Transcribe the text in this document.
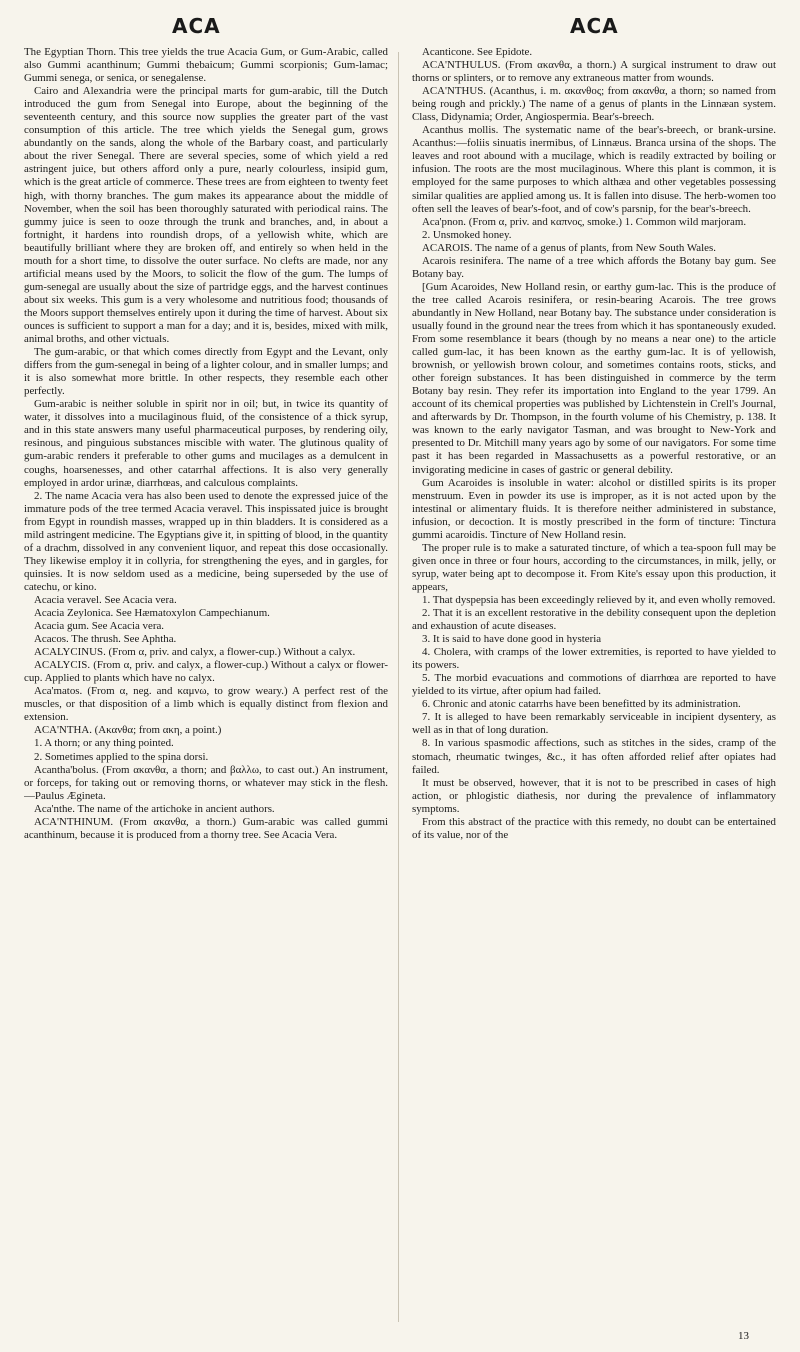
ACA	ACA

The Egyptian Thorn. This tree yields the true Acacia Gum, or Gum-Arabic, called also Gummi acanthinum; Gummi thebaicum; Gummi scorpionis; Gum-lamac; Gummi senega, or senica, or senegalense.

Cairo and Alexandria were the principal marts for gum-arabic, till the Dutch introduced the gum from Senegal into Europe, about the beginning of the seventeenth century, and this source now supplies the greater part of the vast consumption of this article. The tree which yields the Senegal gum, grows abundantly on the sands, along the whole of the Barbary coast, and particularly about the river Senegal. There are several species, some of which yield a red astringent juice, but others afford only a pure, nearly colourless, insipid gum, which is the great article of commerce. These trees are from eighteen to twenty feet high, with thorny branches. The gum makes its appearance about the middle of November, when the soil has been thoroughly saturated with periodical rains. The gummy juice is seen to ooze through the trunk and branches, and, in about a fortnight, it hardens into roundish drops, of a yellowish white, which are beautifully brilliant where they are broken off, and entirely so when held in the mouth for a short time, to dissolve the outer surface. No clefts are made, nor any artificial means used by the Moors, to solicit the flow of the gum. The lumps of gum-senegal are usually about the size of partridge eggs, and the harvest continues about six weeks. This gum is a very wholesome and nutritious food; thousands of the Moors support themselves entirely upon it during the time of harvest. About six ounces is sufficient to support a man for a day; and it is, besides, mixed with milk, animal broths, and other victuals.

The gum-arabic, or that which comes directly from Egypt and the Levant, only differs from the gum-senegal in being of a lighter colour, and in smaller lumps; and it is also somewhat more brittle. In other respects, they resemble each other perfectly.

Gum-arabic is neither soluble in spirit nor in oil; but, in twice its quantity of water, it dissolves into a mucilaginous fluid, of the consistence of a thick syrup, and in this state answers many useful pharmaceutical purposes, by rendering oily, resinous, and pinguious substances miscible with water. The glutinous quality of gum-arabic renders it preferable to other gums and mucilages as a demulcent in coughs, hoarsenesses, and other catarrhal affections. It is also very generally employed in ardor urinæ, diarrhœas, and calculous complaints.

2. The name Acacia vera has also been used to denote the expressed juice of the immature pods of the tree termed Acacia veravel. This inspissated juice is brought from Egypt in roundish masses, wrapped up in thin bladders. It is considered as a mild astringent medicine. The Egyptians give it, in spitting of blood, in the quantity of a drachm, dissolved in any convenient liquor, and repeat this dose occasionally. They likewise employ it in collyria, for strengthening the eyes, and in gargles, for quinsies. It is now seldom used as a medicine, being superseded by the use of catechu, or kino.

Acacia veravel. See Acacia vera.

Acacia Zeylonica. See Hæmatoxylon Campechianum.

Acacia gum. See Acacia vera.

Acacos. The thrush. See Aphtha.

ACALYCINUS. (From α, priv. and calyx, a flower-cup.) Without a calyx.

ACALYCIS. (From α, priv. and calyx, a flower-cup.) Without a calyx or flower-cup. Applied to plants which have no calyx.

Aca'matos. (From α, neg. and καμνω, to grow weary.) A perfect rest of the muscles, or that disposition of a limb which is equally distinct from flexion and extension.

ACA'NTHA. (Ακανθα; from ακη, a point.)

1. A thorn; or any thing pointed.

2. Sometimes applied to the spina dorsi.

Acantha'bolus. (From ακανθα, a thorn; and βαλλω, to cast out.) An instrument, or forceps, for taking out or removing thorns, or whatever may stick in the flesh. —Paulus Ægineta.

Aca'nthe. The name of the artichoke in ancient authors.

ACA'NTHINUM. (From ακανθα, a thorn.) Gum-arabic was called gummi acanthinum, because it is produced from a thorny tree. See Acacia Vera.

Acanticone. See Epidote.

ACA'NTHULUS. (From ακανθα, a thorn.) A surgical instrument to draw out thorns or splinters, or to remove any extraneous matter from wounds.

ACA'NTHUS. (Acanthus, i. m. ακανθος; from ακανθα, a thorn; so named from being rough and prickly.) The name of a genus of plants in the Linnæan system. Class, Didynamia; Order, Angiospermia. Bear's-breech.

Acanthus mollis. The systematic name of the bear's-breech, or brank-ursine. Acanthus:—foliis sinuatis inermibus, of Linnæus. Branca ursina of the shops. The leaves and root abound with a mucilage, which is readily extracted by boiling or infusion. The roots are the most mucilaginous. Where this plant is common, it is employed for the same purposes to which althæa and other vegetables possessing similar qualities are applied among us. It is fallen into disuse. The herb-women too often sell the leaves of bear's-foot, and of cow's parsnip, for the bear's-breech.

Aca'pnon. (From α, priv. and καπνος, smoke.) 1. Common wild marjoram.

2. Unsmoked honey.

ACAROIS. The name of a genus of plants, from New South Wales.

Acarois resinifera. The name of a tree which affords the Botany bay gum. See Botany bay.

[Gum Acaroides, New Holland resin, or earthy gum-lac. This is the produce of the tree called Acarois resinifera, or resin-bearing Acarois. The tree grows abundantly in New Holland, near Botany bay. The substance under consideration is usually found in the ground near the trees from which it has spontaneously exuded. From some resemblance it bears (though by no means a near one) to the article called gum-lac, it has been known as the earthy gum-lac. It is of yellowish, brownish, or yellowish brown colour, and sometimes contains roots, sticks, and other foreign substances. It has been distinguished in commerce by the term Botany bay resin. They refer its importation into England to the year 1799. An account of its chemical properties was published by Lichtenstein in Crell's Journal, and afterwards by Dr. Thompson, in the fourth volume of his Chemistry, p. 138. It was known to the early navigator Tasman, and was brought to New-York and presented to Dr. Mitchill many years ago by some of our navigators. For some time past it has been regarded in Massachusetts as a powerful restorative, or an invigorating medicine in cases of gastric or general debility.

Gum Acaroides is insoluble in water: alcohol or distilled spirits is its proper menstruum. Even in powder its use is improper, as it is not acted upon by the intestinal or alimentary fluids. It is therefore neither administered in substance, infusion, or decoction. It is mostly prescribed in the form of tincture: Tinctura gummi acaroidis. Tincture of New Holland resin.

The proper rule is to make a saturated tincture, of which a tea-spoon full may be given once in three or four hours, according to the circumstances, in milk, jelly, or syrup, water being apt to decompose it. From Kite's essay upon this production, it appears,

1. That dyspepsia has been exceedingly relieved by it, and even wholly removed.

2. That it is an excellent restorative in the debility consequent upon the depletion and exhaustion of acute diseases.

3. It is said to have done good in hysteria

4. Cholera, with cramps of the lower extremities, is reported to have yielded to its powers.

5. The morbid evacuations and commotions of diarrhœa are reported to have yielded to its virtue, after opium had failed.

6. Chronic and atonic catarrhs have been benefitted by its administration.

7. It is alleged to have been remarkably serviceable in incipient dysentery, as well as in that of long duration.

8. In various spasmodic affections, such as stitches in the sides, cramp of the stomach, rheumatic twinges, &c., it has often afforded relief after opiates had failed.

It must be observed, however, that it is not to be prescribed in cases of high action, or phlogistic diathesis, nor during the prevalence of inflammatory symptoms.

From this abstract of the practice with this remedy, no doubt can be entertained of its value, nor of the

13
